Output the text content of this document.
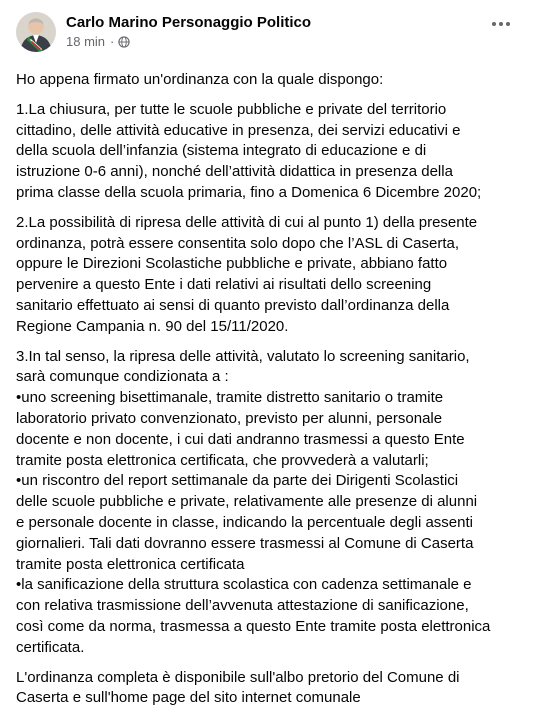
Carlo Marino Personaggio Politico
18 min ·
Ho appena firmato un'ordinanza con la quale dispongo:
1.La chiusura, per tutte le scuole pubbliche e private del territorio
cittadino, delle attività educative in presenza, dei servizi educativi e
della scuola dell’infanzia (sistema integrato di educazione e di
istruzione 0-6 anni), nonché dell’attività didattica in presenza della
prima classe della scuola primaria, fino a Domenica 6 Dicembre 2020;
2.La possibilità di ripresa delle attività di cui al punto 1) della presente
ordinanza, potrà essere consentita solo dopo che l’ASL di Caserta,
oppure le Direzioni Scolastiche pubbliche e private, abbiano fatto
pervenire a questo Ente i dati relativi ai risultati dello screening
sanitario effettuato ai sensi di quanto previsto dall’ordinanza della
Regione Campania n. 90 del 15/11/2020.
3.In tal senso, la ripresa delle attività, valutato lo screening sanitario,
sarà comunque condizionata a :
•uno screening bisettimanale, tramite distretto sanitario o tramite
laboratorio privato convenzionato, previsto per alunni, personale
docente e non docente, i cui dati andranno trasmessi a questo Ente
tramite posta elettronica certificata, che provvederà a valutarli;
•un riscontro del report settimanale da parte dei Dirigenti Scolastici
delle scuole pubbliche e private, relativamente alle presenze di alunni
e personale docente in classe, indicando la percentuale degli assenti
giornalieri. Tali dati dovranno essere trasmessi al Comune di Caserta
tramite posta elettronica certificata
•la sanificazione della struttura scolastica con cadenza settimanale e
con relativa trasmissione dell’avvenuta attestazione di sanificazione,
così come da norma, trasmessa a questo Ente tramite posta elettronica
certificata.
L'ordinanza completa è disponibile sull'albo pretorio del Comune di
Caserta e sull'home page del sito internet comunale
